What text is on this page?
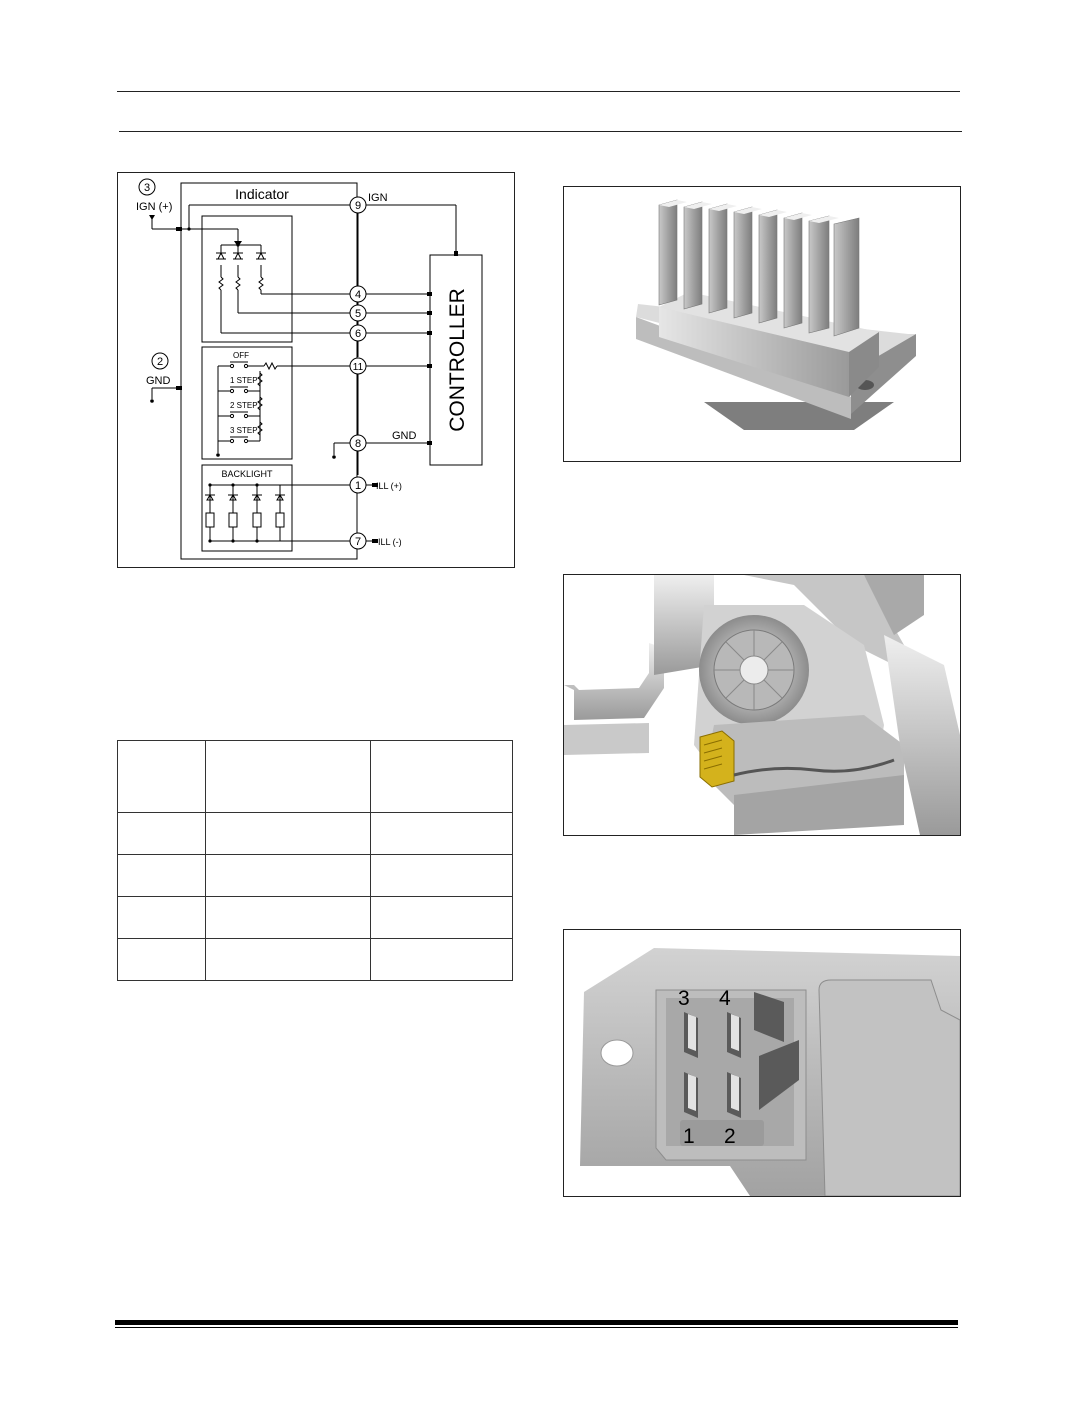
Indicator
IGN (+)
GND
IGN
GND
ILL (+)
ILL (-)
3
2
9
4
5
6
11
8
1
7
OFF
1 STEP
2 STEP
3 STEP
BACKLIGHT
CONTROLLER
3 4
1 2
